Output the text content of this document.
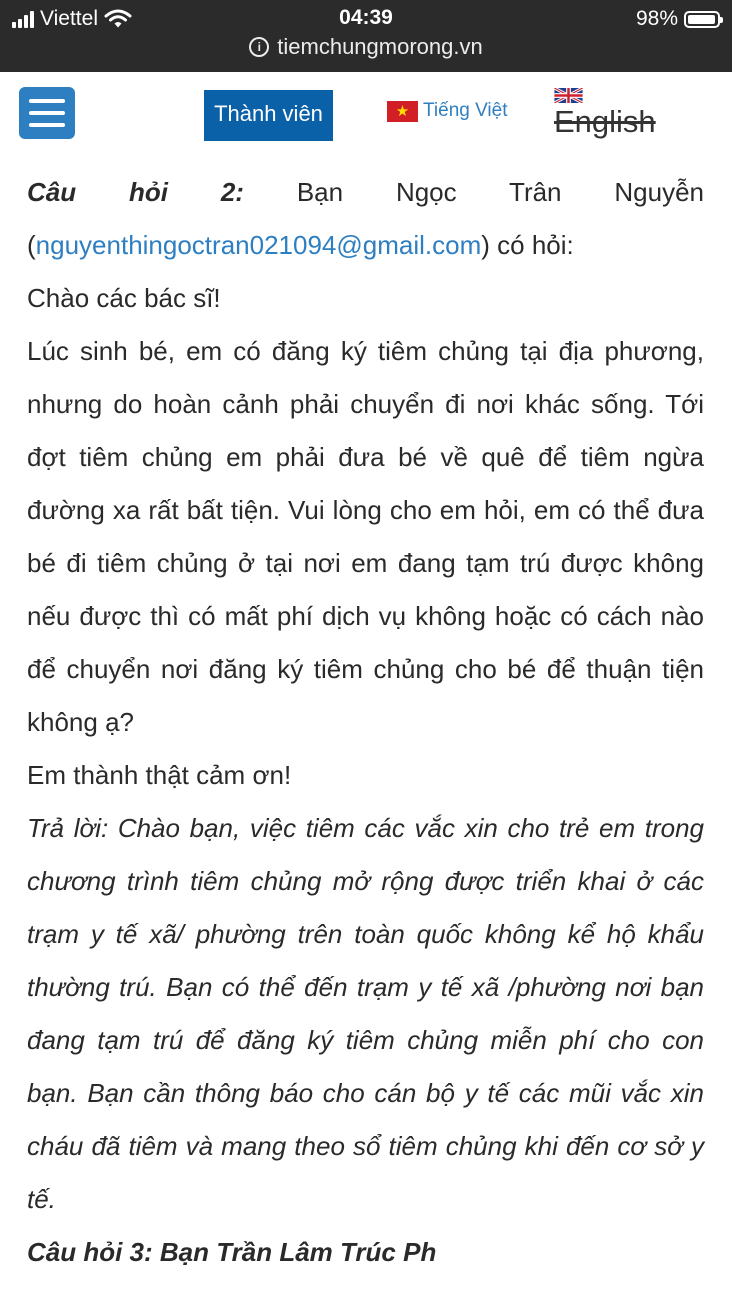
Viettel	04:39	98%
i tiemchungmorong.vn
Thành viên
★	Tiếng Việt English

Câu hỏi 2: Bạn Ngọc Trân Nguyễn (nguyenthingoctran021094@gmail.com) có hỏi:

Chào các bác sĩ!

Lúc sinh bé, em có đăng ký tiêm chủng tại địa phương, nhưng do hoàn cảnh phải chuyển đi nơi khác sống. Tới đợt tiêm chủng em phải đưa bé về quê để tiêm ngừa đường xa rất bất tiện. Vui lòng cho em hỏi, em có thể đưa bé đi tiêm chủng ở tại nơi em đang tạm trú được không nếu được thì có mất phí dịch vụ không hoặc có cách nào để chuyển nơi đăng ký tiêm chủng cho bé để thuận tiện không ạ?

Em thành thật cảm ơn!

Trả lời: Chào bạn, việc tiêm các vắc xin cho trẻ em trong chương trình tiêm chủng mở rộng được triển khai ở các trạm y tế xã/ phường trên toàn quốc không kể hộ khẩu thường trú. Bạn có thể đến trạm y tế xã /phường nơi bạn đang tạm trú để đăng ký tiêm chủng miễn phí cho con bạn. Bạn cần thông báo cho cán bộ y tế các mũi vắc xin cháu đã tiêm và mang theo sổ tiêm chủng khi đến cơ sở y tế.

Câu hỏi 3: Bạn Trần Lâm Trúc Ph
